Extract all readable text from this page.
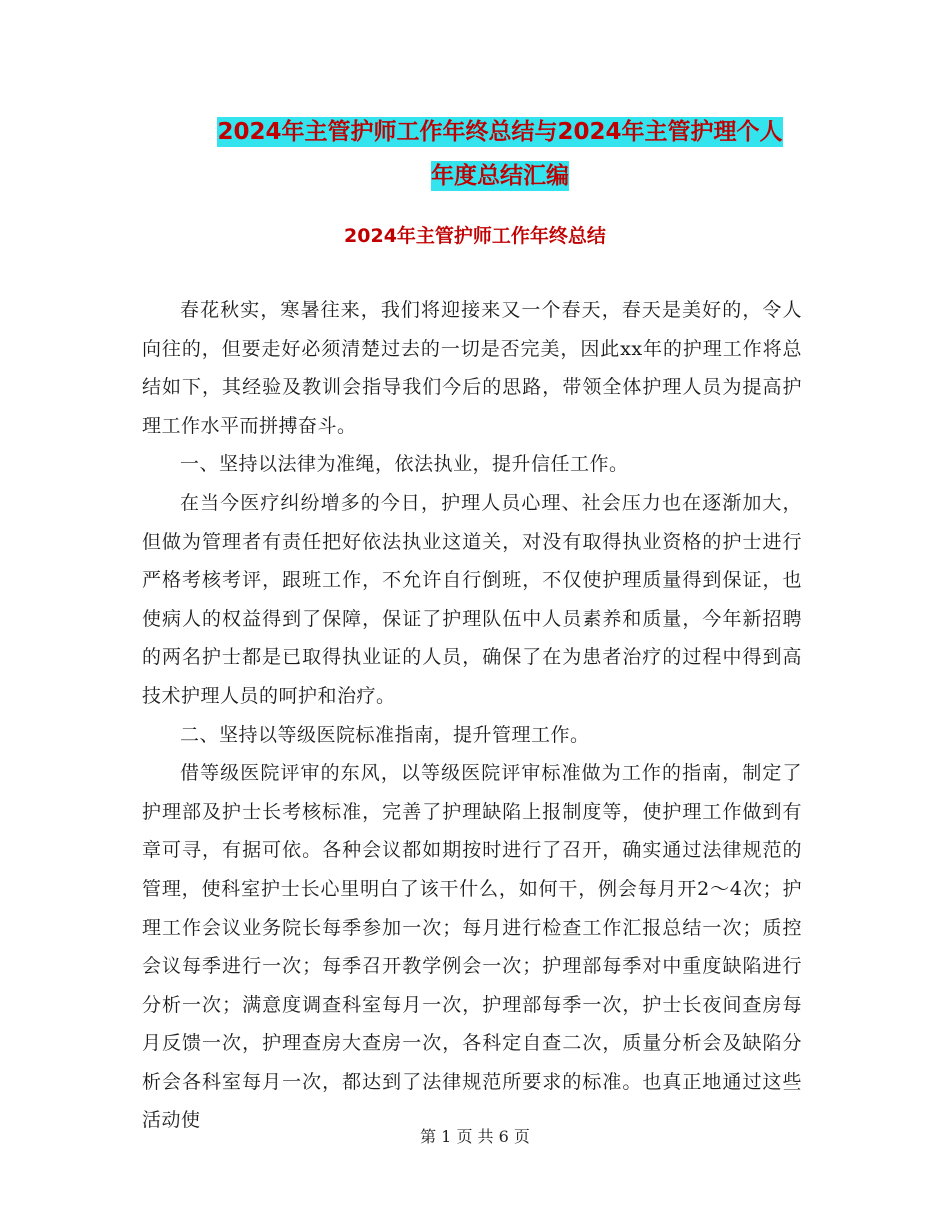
2024年主管护师工作年终总结与2024年主管护理个人
年度总结汇编
2024年主管护师工作年终总结

春花秋实，寒暑往来，我们将迎接来又一个春天，春天是美好的，令人向往的，但要走好必须清楚过去的一切是否完美，因此xx年的护理工作将总结如下，其经验及教训会指导我们今后的思路，带领全体护理人员为提高护理工作水平而拼搏奋斗。

一、坚持以法律为准绳，依法执业，提升信任工作。

在当今医疗纠纷增多的今日，护理人员心理、社会压力也在逐渐加大，但做为管理者有责任把好依法执业这道关，对没有取得执业资格的护士进行严格考核考评，跟班工作，不允许自行倒班，不仅使护理质量得到保证，也使病人的权益得到了保障，保证了护理队伍中人员素养和质量，今年新招聘的两名护士都是已取得执业证的人员，确保了在为患者治疗的过程中得到高技术护理人员的呵护和治疗。

二、坚持以等级医院标准指南，提升管理工作。

借等级医院评审的东风，以等级医院评审标准做为工作的指南，制定了护理部及护士长考核标准，完善了护理缺陷上报制度等，使护理工作做到有章可寻，有据可依。各种会议都如期按时进行了召开，确实通过法律规范的管理，使科室护士长心里明白了该干什么，如何干，例会每月开2～4次；护理工作会议业务院长每季参加一次；每月进行检查工作汇报总结一次；质控会议每季进行一次；每季召开教学例会一次；护理部每季对中重度缺陷进行分析一次；满意度调查科室每月一次，护理部每季一次，护士长夜间查房每月反馈一次，护理查房大查房一次，各科定自查二次，质量分析会及缺陷分析会各科室每月一次，都达到了法律规范所要求的标准。也真正地通过这些活动使

第 1 页 共 6 页
